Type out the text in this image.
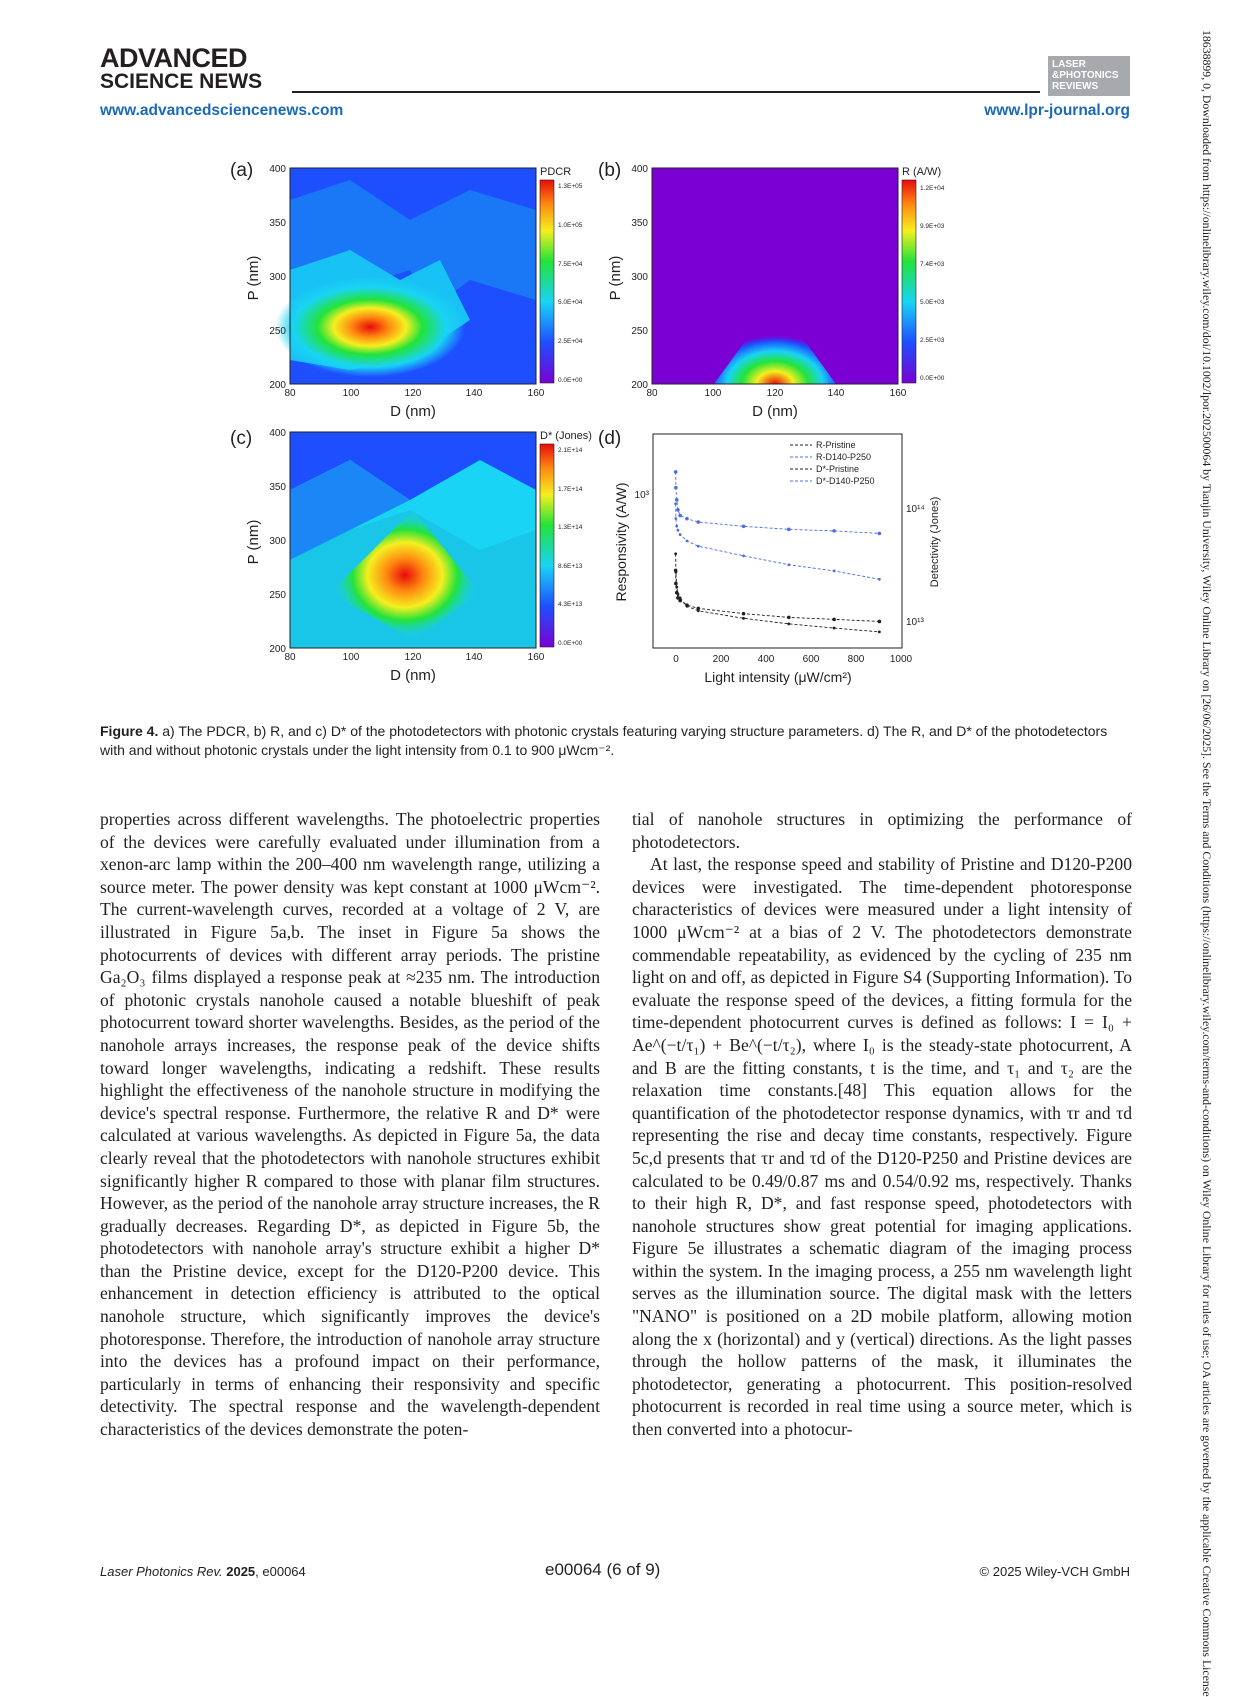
ADVANCED
SCIENCE NEWS
LASER
&PHOTONICS
REVIEWS
www.advancedsciencenews.com	www.lpr-journal.org	18638899, 0, Downloaded from https://onlinelibrary.wiley.com/doi/10.1002/lpor.202500064 by Tianjin University, Wiley Online Library on [26/06/2025]. See the Terms and Conditions (https://onlinelibrary.wiley.com/terms-and-conditions) on Wiley Online Library for rules of use; OA articles are governed by the applicable Creative Commons License
(a) 400
350
300
250
200
80	100	120	140	160
D (nm)
P (nm)
PDCR
1.3E+05
1.0E+05
7.5E+04
5.0E+04
2.5E+04
0.0E+00
(b) 400
350
300
250
200
80	100	120	140	160
D (nm)
P (nm)
R (A/W)
1.2E+04
9.9E+03
7.4E+03
5.0E+03
2.5E+03
0.0E+00
(c) 400
350
300
250
200
80	100	120	140	160
D (nm)
P (nm)
D* (Jones)
2.1E+14
1.7E+14
1.3E+14
8.6E+13
4.3E+13
0.0E+00
(d)
0	200	400	600	800	1000
10³
10¹⁴
10¹³
Light intensity (μW/cm²)
Responsivity (A/W)	Detectivity (Jones)
R-Pristine
R-D140-P250
D*-Pristine
D*-D140-P250
Figure 4. a) The PDCR, b) R, and c) D* of the photodetectors with photonic crystals featuring varying structure parameters. d) The R, and D* of the photodetectors with and without photonic crystals under the light intensity from 0.1 to 900 μWcm⁻².

properties across different wavelengths. The photoelectric properties of the devices were carefully evaluated under illumination from a xenon-arc lamp within the 200–400 nm wavelength range, utilizing a source meter. The power density was kept constant at 1000 μWcm⁻². The current-wavelength curves, recorded at a voltage of 2 V, are illustrated in Figure 5a,b. The inset in Figure 5a shows the photocurrents of devices with different array periods. The pristine Ga₂O₃ films displayed a response peak at ≈235 nm. The introduction of photonic crystals nanohole caused a notable blueshift of peak photocurrent toward shorter wavelengths. Besides, as the period of the nanohole arrays increases, the response peak of the device shifts toward longer wavelengths, indicating a redshift. These results highlight the effectiveness of the nanohole structure in modifying the device's spectral response. Furthermore, the relative R and D* were calculated at various wavelengths. As depicted in Figure 5a, the data clearly reveal that the photodetectors with nanohole structures exhibit significantly higher R compared to those with planar film structures. However, as the period of the nanohole array structure increases, the R gradually decreases. Regarding D*, as depicted in Figure 5b, the photodetectors with nanohole array's structure exhibit a higher D* than the Pristine device, except for the D120-P200 device. This enhancement in detection efficiency is attributed to the optical nanohole structure, which significantly improves the device's photoresponse. Therefore, the introduction of nanohole array structure into the devices has a profound impact on their performance, particularly in terms of enhancing their responsivity and specific detectivity. The spectral response and the wavelength-dependent characteristics of the devices demonstrate the poten-

tial of nanohole structures in optimizing the performance of photodetectors.

At last, the response speed and stability of Pristine and D120-P200 devices were investigated. The time-dependent photoresponse characteristics of devices were measured under a light intensity of 1000 μWcm⁻² at a bias of 2 V. The photodetectors demonstrate commendable repeatability, as evidenced by the cycling of 235 nm light on and off, as depicted in Figure S4 (Supporting Information). To evaluate the response speed of the devices, a fitting formula for the time-dependent photocurrent curves is defined as follows: I = I₀ + Ae^(−t/τ₁) + Be^(−t/τ₂), where I₀ is the steady-state photocurrent, A and B are the fitting constants, t is the time, and τ₁ and τ₂ are the relaxation time constants.[48] This equation allows for the quantification of the photodetector response dynamics, with τr and τd representing the rise and decay time constants, respectively. Figure 5c,d presents that τr and τd of the D120-P250 and Pristine devices are calculated to be 0.49/0.87 ms and 0.54/0.92 ms, respectively. Thanks to their high R, D*, and fast response speed, photodetectors with nanohole structures show great potential for imaging applications. Figure 5e illustrates a schematic diagram of the imaging process within the system. In the imaging process, a 255 nm wavelength light serves as the illumination source. The digital mask with the letters "NANO" is positioned on a 2D mobile platform, allowing motion along the x (horizontal) and y (vertical) directions. As the light passes through the hollow patterns of the mask, it illuminates the photodetector, generating a photocurrent. This position-resolved photocurrent is recorded in real time using a source meter, which is then converted into a photocur-

Laser Photonics Rev. 2025, e00064	e00064 (6 of 9)	© 2025 Wiley-VCH GmbH
